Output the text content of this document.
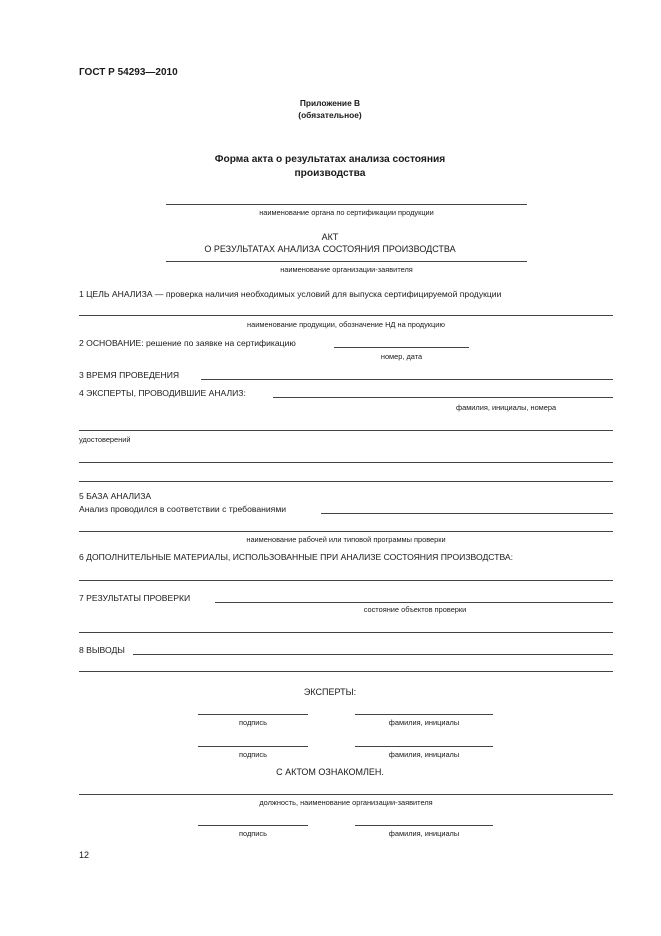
ГОСТ Р 54293—2010
Приложение В
(обязательное)
Форма акта о результатах анализа состояния
производства
наименование органа по сертификации продукции
АКТ
О РЕЗУЛЬТАТАХ АНАЛИЗА СОСТОЯНИЯ ПРОИЗВОДСТВА
наименование организации-заявителя
1 ЦЕЛЬ АНАЛИЗА — проверка наличия необходимых условий для выпуска сертифицируемой продукции
наименование продукции, обозначение НД на продукцию
2 ОСНОВАНИЕ: решение по заявке на сертификацию
номер, дата
3 ВРЕМЯ ПРОВЕДЕНИЯ
4 ЭКСПЕРТЫ, ПРОВОДИВШИЕ АНАЛИЗ:
фамилия, инициалы, номера
удостоверений
5 БАЗА АНАЛИЗА
Анализ проводился в соответствии с требованиями
наименование рабочей или типовой программы проверки
6 ДОПОЛНИТЕЛЬНЫЕ МАТЕРИАЛЫ, ИСПОЛЬЗОВАННЫЕ ПРИ АНАЛИЗЕ СОСТОЯНИЯ ПРОИЗВОДСТВА:
7 РЕЗУЛЬТАТЫ ПРОВЕРКИ
состояние объектов проверки
8 ВЫВОДЫ
ЭКСПЕРТЫ:
подпись	фамилия, инициалы
подпись	фамилия, инициалы
С АКТОМ ОЗНАКОМЛЕН.
должность, наименование организации-заявителя
подпись	фамилия, инициалы
12
